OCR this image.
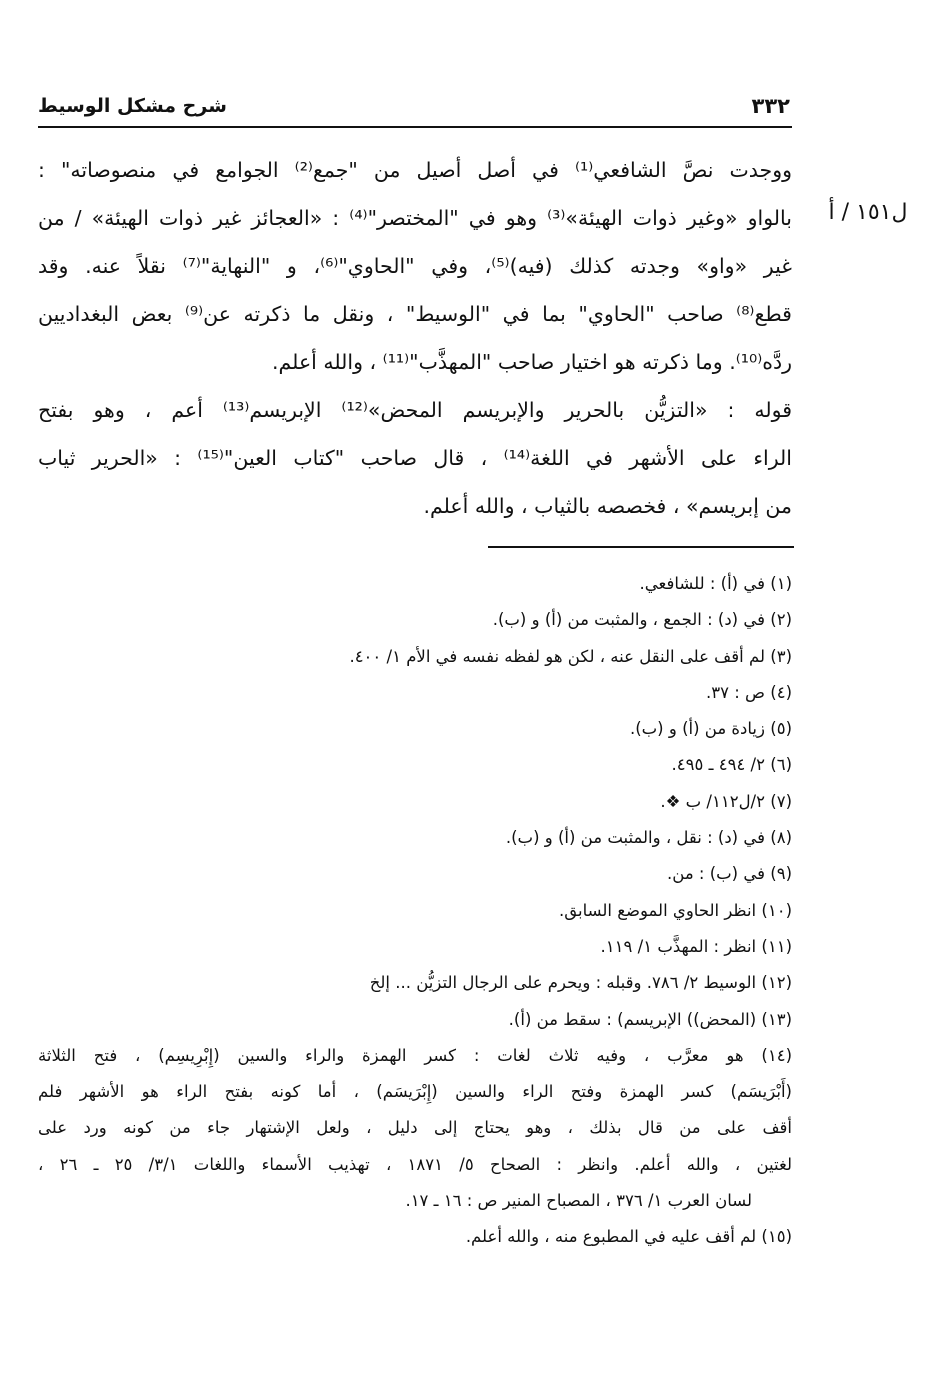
٣٣٢
شرح مشكل الوسيط
ل١٥١ / أ
ووجدت نصَّ الشافعي⁽¹⁾ في أصل أصيل من "جمع⁽²⁾ الجوامع في منصوصاته" :
بالواو «وغير ذوات الهيئة»⁽³⁾ وهو في "المختصر"⁽⁴⁾ : «العجائز غير ذوات الهيئة» / من
غير «واو» وجدته كذلك (فيه)⁽⁵⁾، وفي "الحاوي"⁽⁶⁾، و "النهاية"⁽⁷⁾ نقلاً عنه. وقد
قطع⁽⁸⁾ صاحب "الحاوي" بما في "الوسيط" ، ونقل ما ذكرته عن⁽⁹⁾ بعض البغداديين
ردَّه⁽¹⁰⁾. وما ذكرته هو اختيار صاحب "المهذَّب"⁽¹¹⁾ ، والله أعلم.
قوله : «التزيُّن بالحرير والإبريسم المحض»⁽¹²⁾ الإبريسم⁽¹³⁾ أعم ، وهو بفتح
الراء على الأشهر في اللغة⁽¹⁴⁾ ، قال صاحب "كتاب العين"⁽¹⁵⁾ : «الحرير ثياب
من إبريسم» ، فخصصه بالثياب ، والله أعلم.
(١) في (أ) : للشافعي.
(٢) في (د) : الجمع ، والمثبت من (أ) و (ب).
(٣) لم أقف على النقل عنه ، لكن هو لفظه نفسه في الأم ١/ ٤٠٠.
(٤) ص : ٣٧.
(٥) زيادة من (أ) و (ب).
(٦) ٢/ ٤٩٤ ـ ٤٩٥.
(٧) ٢/ل١١٢/ ب ❖.
(٨) في (د) : نقل ، والمثبت من (أ) و (ب).
(٩) في (ب) : من.
(١٠) انظر الحاوي الموضع السابق.
(١١) انظر : المهذَّب ١/ ١١٩.
(١٢) الوسيط ٢/ ٧٨٦. وقبله : ويحرم على الرجال التزيُّن ... إلخ
(١٣) (المحض)) الإبريسم) : سقط من (أ).
(١٤) هو معرَّب ، وفيه ثلاث لغات : كسر الهمزة والراء والسين (إِبْرِيسِم) ، فتح الثلاثة
(أَبْرَيسَم) كسر الهمزة وفتح الراء والسين (إِبْرَيسَم) ، أما كونه بفتح الراء هو الأشهر فلم
أقف على من قال بذلك ، وهو يحتاج إلى دليل ، ولعل الإشتهار جاء من كونه ورد على
لغتين ، والله أعلم. وانظر : الصحاح ٥/ ١٨٧١ ، تهذيب الأسماء واللغات ٣/١/ ٢٥ ـ ٢٦ ،
لسان العرب ١/ ٣٧٦ ، المصباح المنير ص : ١٦ ـ ١٧.
(١٥) لم أقف عليه في المطبوع منه ، والله أعلم.
